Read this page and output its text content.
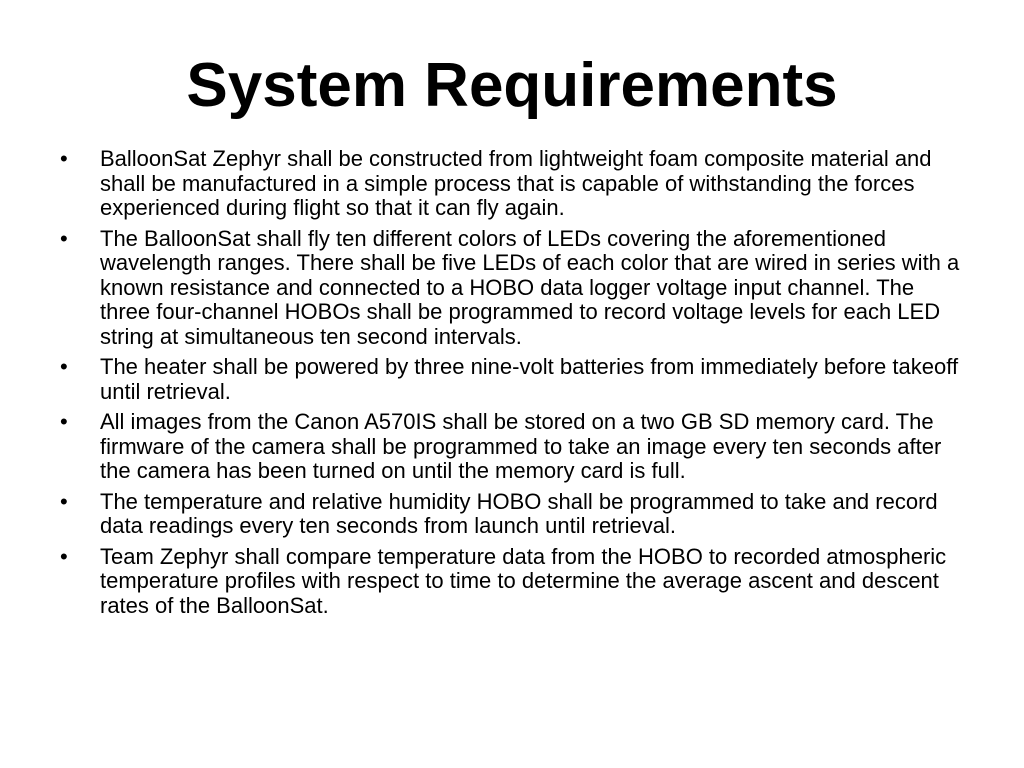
System Requirements
•	BalloonSat Zephyr shall be constructed from lightweight foam composite material and shall be manufactured in a simple process that is capable of withstanding the forces experienced during flight so that it can fly again.
•	The BalloonSat shall fly ten different colors of LEDs covering the aforementioned wavelength ranges. There shall be five LEDs of each color that are wired in series with a known resistance and connected to a HOBO data logger voltage input channel. The three four-channel HOBOs shall be programmed to record voltage levels for each LED string at simultaneous ten second intervals.
•	The heater shall be powered by three nine-volt batteries from immediately before takeoff until retrieval.
•	All images from the Canon A570IS shall be stored on a two GB SD memory card. The firmware of the camera shall be programmed to take an image every ten seconds after the camera has been turned on until the memory card is full.
•	The temperature and relative humidity HOBO shall be programmed to take and record data readings every ten seconds from launch until retrieval.
•	Team Zephyr shall compare temperature data from the HOBO to recorded atmospheric temperature profiles with respect to time to determine the average ascent and descent rates of the BalloonSat.
